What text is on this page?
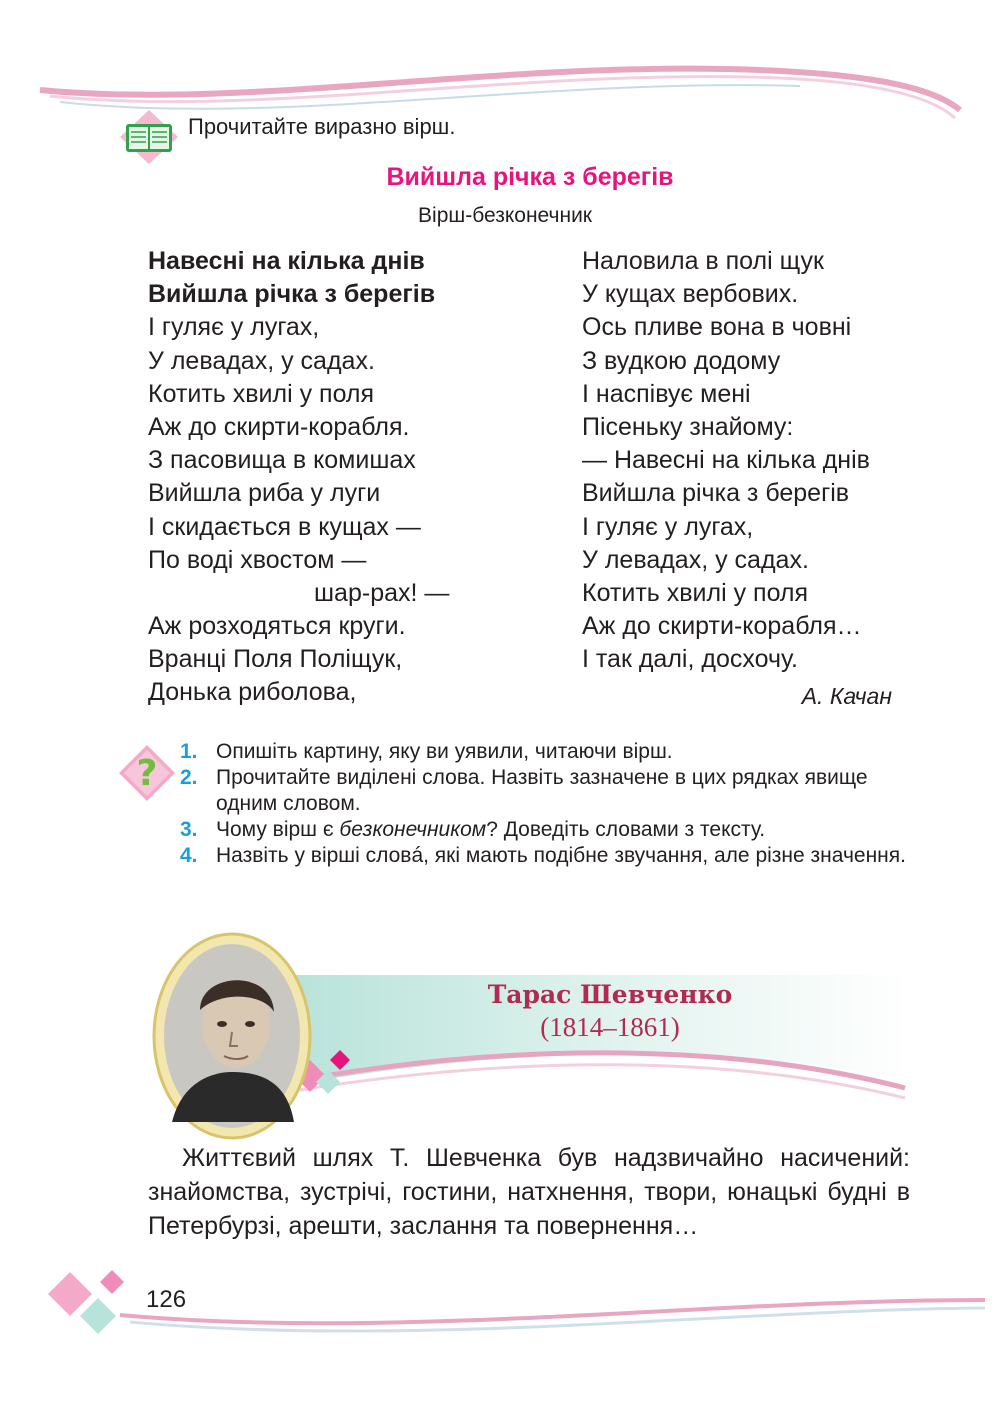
Прочитайте виразно вірш.
Вийшла річка з берегів
Вірш-безконечник
Навесні на кілька днів
Вийшла річка з берегів
І гуляє у лугах,
У левадах, у садах.
Котить хвилі у поля
Аж до скирти-корабля.
З пасовища в комишах
Вийшла риба у луги
І скидається в кущах —
По воді хвостом —
шар-рах! —
Аж розходяться круги.
Вранці Поля Поліщук,
Донька риболова,
Наловила в полі щук
У кущах вербових.
Ось пливе вона в човні
З вудкою додому
І наспівує мені
Пісеньку знайому:
— Навесні на кілька днів
Вийшла річка з берегів
І гуляє у лугах,
У левадах, у садах.
Котить хвилі у поля
Аж до скирти-корабля…
І так далі, досхочу.
А. Качан
?
1. Опишіть картину, яку ви уявили, читаючи вірш.
2. Прочитайте виділені слова. Назвіть зазначене в цих рядках явище одним словом.
3. Чому вірш є безконечником? Доведіть словами з тексту.
4. Назвіть у вірші словá, які мають подібне звучання, але різне значення.
Тарас Шевченко
(1814–1861)

Життєвий шлях Т. Шевченка був надзвичайно насичений: знайомства, зустрічі, гостини, натхнення, твори, юнацькі будні в Петербурзі, арешти, заслання та повернення…

126
